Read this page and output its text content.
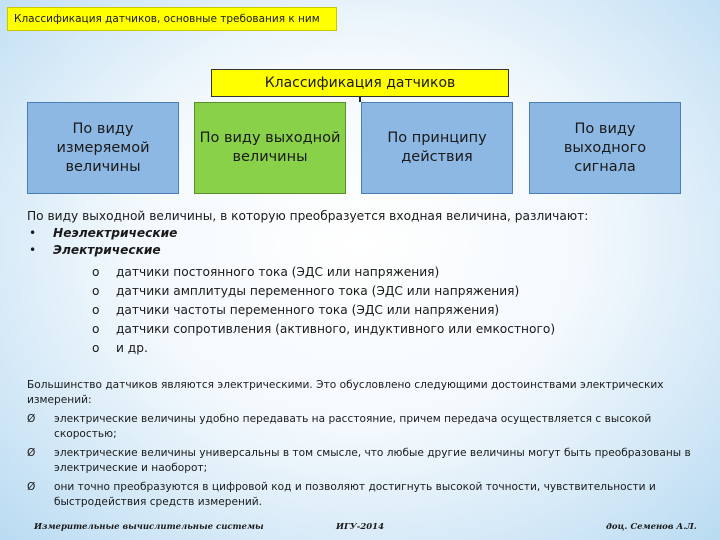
Классификация датчиков, основные требования к ним
Классификация датчиков
По виду измеряемой величины
По виду выходной величины
По принципу действия
По виду выходного сигнала
По виду выходной величины, в которую преобразуется входная величина, различают:
• Неэлектрические
• Электрические
o датчики постоянного тока (ЭДС или напряжения)
o датчики амплитуды переменного тока (ЭДС или напряжения)
o датчики частоты переменного тока (ЭДС или напряжения)
o датчики сопротивления (активного, индуктивного или емкостного)
o и др.
Большинство датчиков являются электрическими. Это обусловлено следующими достоинствами электрических измерений:
Ø	электрические величины удобно передавать на расстояние, причем передача осуществляется с высокой скоростью;
Ø	электрические величины универсальны в том смысле, что любые другие величины могут быть преобразованы в электрические и наоборот;
Ø	они точно преобразуются в цифровой код и позволяют достигнуть высокой точности, чувствительности и быстродействия средств измерений.
Измерительные вычислительные системы	ИГУ-2014	доц. Семенов А.Л.
